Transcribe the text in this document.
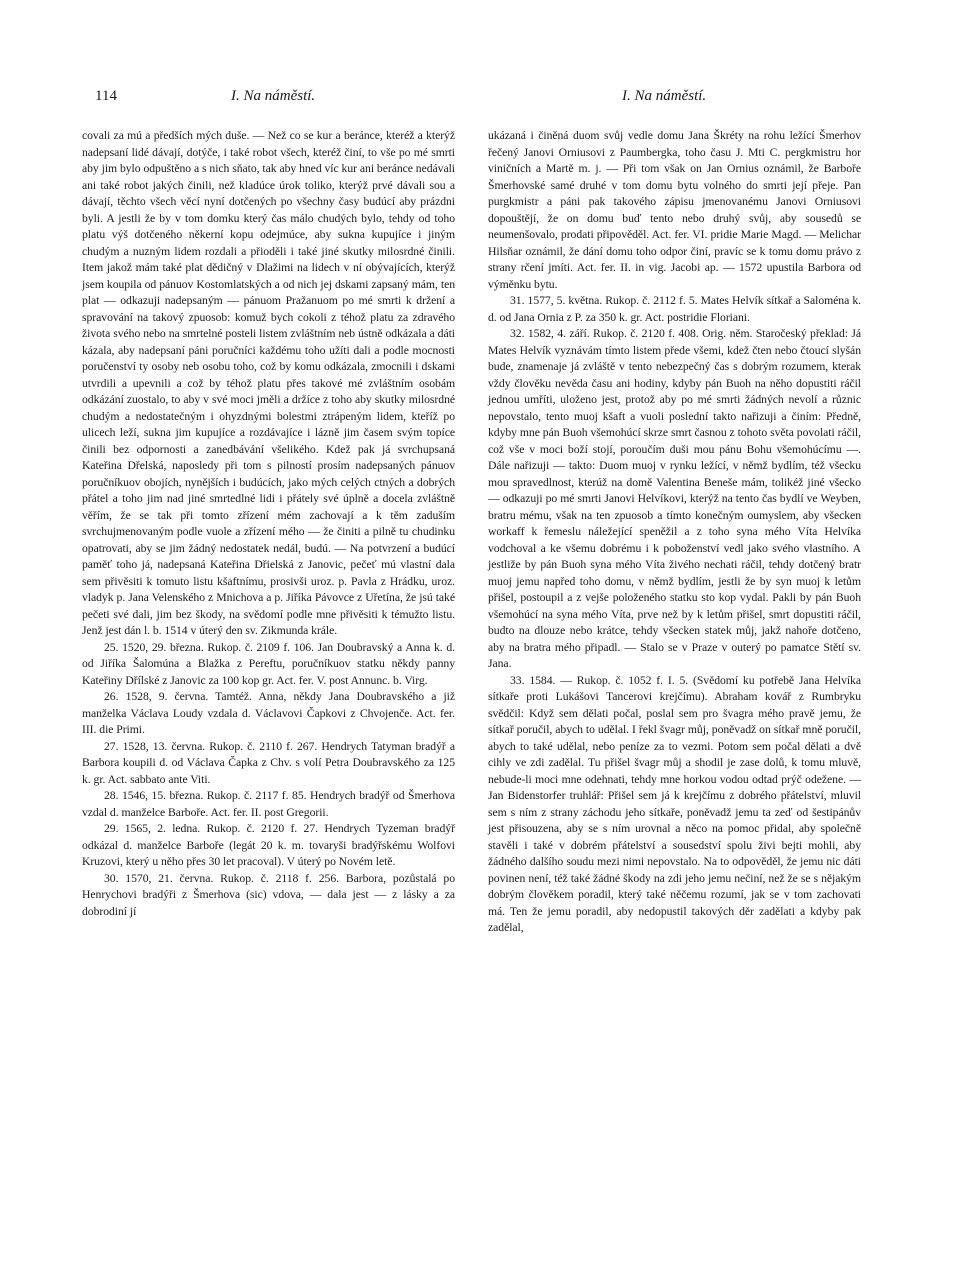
114	I. Na náměstí.	I. Na náměstí.

covali za mú a předších mých duše. — Než co se kur a beránce, kteréž a kterýž nadepsaní lidé dávají, dotýče, i také robot všech, kteréž činí, to vše po mé smrti aby jim bylo odpuštěno a s nich sňato, tak aby hned víc kur ani beránce nedávali ani také robot jakých činili, než kladúce úrok toliko, kterýž prvé dávali sou a dávají, těchto všech věcí nyní dotčených po všechny časy budúcí aby prázdni byli. A jestli že by v tom domku který čas málo chudých bylo, tehdy od toho platu výš dotčeného někerní kopu odejmúce, aby sukna kupujíce i jiným chudým a nuzným lidem rozdali a přioděli i také jiné skutky milosrdné činili. Item jakož mám také plat dědičný v Dlažimi na lidech v ní obývajících, kterýž jsem koupila od pánuov Kostomlatských a od nich jej dskami zapsaný mám, ten plat — odkazuji nadepsaným — pánuom Pražanuom po mé smrti k držení a spravování na takový zpuosob: komuž bych cokoli z téhož platu za zdravého života svého nebo na smrtelné posteli listem zvláštním neb ústně odkázala a dáti kázala, aby nadepsaní páni poručníci každému toho užíti dali a podle mocnosti poručenství ty osoby neb osobu toho, což by komu odkázala, zmocnili i dskami utvrdili a upevnili a což by téhož platu přes takové mé zvláštním osobám odkázání zuostalo, to aby v své moci jměli a držíce z toho aby skutky milosrdné chudým a nedostatečným i ohyzdnými bolestmi ztrápeným lidem, kteříž po ulicech leží, sukna jim kupujíce a rozdávajíce i lázně jim časem svým topíce činili bez odpornosti a zanedbávání všelikého. Kdež pak já svrchupsaná Kateřina Dřelská, naposledy při tom s pilností prosím nadepsaných pánuov poručníkuov obojích, nynějších i budúcích, jako mých celých ctných a dobrých přátel a toho jim nad jiné smrtedlné lidi i přátely své úplně a docela zvláštně věřím, že se tak při tomto zřízení mém zachovají a k těm zaduším svrchujmenovaným podle vuole a zřízení mého — že činiti a pilně tu chudinku opatrovati, aby se jim žádný nedostatek nedál, budú. — Na potvrzení a budúcí paměť toho já, nadepsaná Kateřina Dřielská z Janovic, pečeť mú vlastní dala sem přivěsiti k tomuto listu kšaftnímu, prosivši uroz. p. Pavla z Hrádku, uroz. vladyk p. Jana Velenského z Mnichova a p. Jiříka Pávovce z Uřetína, že jsú také pečeti své dali, jim bez škody, na svědomí podle mne přivěsiti k témužto listu. Jenž jest dán l. b. 1514 v úterý den sv. Zikmunda krále.

25. 1520, 29. března. Rukop. č. 2109 f. 106. Jan Doubravský a Anna k. d. od Jiříka Šalomúna a Blažka z Pereftu, poručníkuov statku někdy panny Kateřiny Dřílské z Janovic za 100 kop gr. Act. fer. V. post Annunc. b. Virg.

26. 1528, 9. června. Tamtéž. Anna, někdy Jana Doubravského a již manželka Václava Loudy vzdala d. Václavovi Čapkovi z Chvojenče. Act. fer. III. die Primi.

27. 1528, 13. června. Rukop. č. 2110 f. 267. Hendrych Tatyman bradýř a Barbora koupili d. od Václava Čapka z Chv. s volí Petra Doubravského za 125 k. gr. Act. sabbato ante Viti.

28. 1546, 15. března. Rukop. č. 2117 f. 85. Hendrych bradýř od Šmerhova vzdal d. manželce Barboře. Act. fer. II. post Gregorii.

29. 1565, 2. ledna. Rukop. č. 2120 f. 27. Hendrych Tyzeman bradýř odkázal d. manželce Barboře (legát 20 k. m. tovaryši bradýřskému Wolfovi Kruzovi, který u něho přes 30 let pracoval). V úterý po Novém letě.

30. 1570, 21. června. Rukop. č. 2118 f. 256. Barbora, pozůstalá po Henrychovi bradýři z Šmerhova (sic) vdova, — dala jest — z lásky a za dobrodiní jí

ukázaná i činěná duom svůj vedle domu Jana Škréty na rohu ležící Šmerhov řečený Janovi Orniusovi z Paumbergka, toho času J. Mti C. pergkmistru hor viničních a Martě m. j. — Při tom však on Jan Ornius oznámil, že Barboře Šmerhovské samé druhé v tom domu bytu volného do smrti její přeje. Pan purgkmistr a páni pak takového zápisu jmenovanému Janovi Orniusovi dopouštějí, že on domu buď tento nebo druhý svůj, aby sousedů se neumenšovalo, prodati připověděl. Act. fer. VI. pridie Marie Magd. — Melichar Hilsňar oznámil, že dání domu toho odpor činí, pravíc se k tomu domu právo z strany rčení jmíti. Act. fer. II. in vig. Jacobi ap. — 1572 upustila Barbora od výměnku bytu.

31. 1577, 5. května. Rukop. č. 2112 f. 5. Mates Helvík sítkař a Saloména k. d. od Jana Ornia z P. za 350 k. gr. Act. postridie Floriani.

32. 1582, 4. září. Rukop. č. 2120 f. 408. Orig. něm. Staročeský překlad: Já Mates Helvík vyznávám tímto listem přede všemi, kdež čten nebo čtoucí slyšán bude, znamenaje já zvláště v tento nebezpečný čas s dobrým rozumem, kterak vždy člověku nevěda času ani hodiny, kdyby pán Buoh na něho dopustiti ráčil jednou umříti, uloženo jest, protož aby po mé smrti žádných nevolí a různic nepovstalo, tento muoj kšaft a vuoli poslední takto nařizuji a činím: Předně, kdyby mne pán Buoh všemohúcí skrze smrt časnou z tohoto světa povolati ráčil, což vše v moci boží stojí, poroučím duši mou pánu Bohu všemohúcímu —. Dále nařizuji — takto: Duom muoj v rynku ležící, v němž bydlím, též všecku mou spravedlnost, kterúž na domě Valentina Beneše mám, tolikéž jiné všecko — odkazuji po mé smrti Janovi Helvíkovi, kterýž na tento čas bydlí ve Weyben, bratru mému, však na ten zpuosob a tímto konečným oumyslem, aby všecken workaff k řemeslu náležející speněžil a z toho syna mého Víta Helvíka vodchoval a ke všemu dobrému i k poboženství vedl jako svého vlastního. A jestliže by pán Buoh syna mého Víta živého nechati ráčil, tehdy dotčený bratr muoj jemu napřed toho domu, v němž bydlím, jestli že by syn muoj k letům přišel, postoupil a z vejše položeného statku sto kop vydal. Pakli by pán Buoh všemohúcí na syna mého Víta, prve než by k letům přišel, smrt dopustiti ráčil, budto na dlouze nebo krátce, tehdy všecken statek můj, jakž nahoře dotčeno, aby na bratra mého připadl. — Stalo se v Praze v outerý po pamatce Stětí sv. Jana.

33. 1584. — Rukop. č. 1052 f. I. 5. (Svědomí ku potřebě Jana Helvíka sítkaře proti Lukášovi Tancerovi krejčímu). Abraham kovář z Rumbryku svědčil: Když sem dělati počal, poslal sem pro švagra mého pravě jemu, že sítkař poručil, abych to udělal. I řekl švagr můj, poněvadž on sítkař mně poručil, abych to také udělal, nebo peníze za to vezmi. Potom sem počal dělati a dvě cihly ve zdi zadělal. Tu přišel švagr můj a shodil je zase dolů, k tomu mluvě, nebude-li moci mne odehnati, tehdy mne horkou vodou odtad prýč odežene. — Jan Bidenstorfer truhlář: Přišel sem já k krejčímu z dobrého přátelství, mluvil sem s ním z strany záchodu jeho sítkaře, poněvadž jemu ta zeď od šestipánův jest přisouzena, aby se s ním urovnal a něco na pomoc přidal, aby společně stavěli i také v dobrém přátelství a sousedství spolu živi bejti mohli, aby žádného dalšího soudu mezi nimi nepovstalo. Na to odpověděl, že jemu nic dáti povinen není, též také žádné škody na zdi jeho jemu nečiní, než že se s nějakým dobrým člověkem poradil, který také něčemu rozumí, jak se v tom zachovati má. Ten že jemu poradil, aby nedopustil takových děr zadělati a kdyby pak zadělal,
